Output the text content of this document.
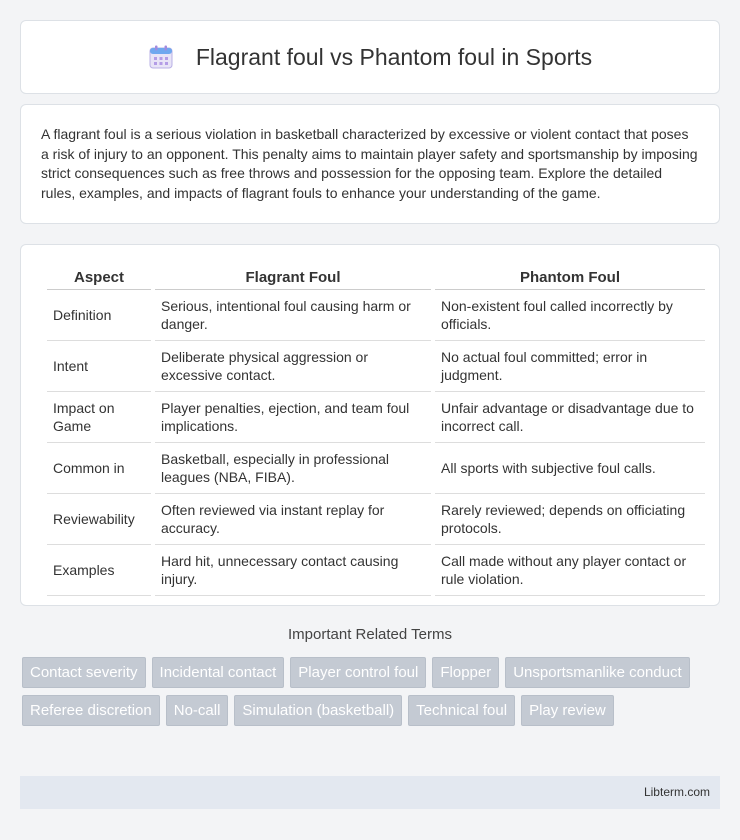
Flagrant foul vs Phantom foul in Sports

A flagrant foul is a serious violation in basketball characterized by excessive or violent contact that poses a risk of injury to an opponent. This penalty aims to maintain player safety and sportsmanship by imposing strict consequences such as free throws and possession for the opposing team. Explore the detailed rules, examples, and impacts of flagrant fouls to enhance your understanding of the game.

Aspect	Flagrant Foul	Phantom Foul
Definition	Serious, intentional foul causing harm or danger.	Non-existent foul called incorrectly by officials.
Intent	Deliberate physical aggression or excessive contact.	No actual foul committed; error in judgment.
Impact on Game	Player penalties, ejection, and team foul implications.	Unfair advantage or disadvantage due to incorrect call.
Common in	Basketball, especially in professional leagues (NBA, FIBA).	All sports with subjective foul calls.
Reviewability	Often reviewed via instant replay for accuracy.	Rarely reviewed; depends on officiating protocols.
Examples	Hard hit, unnecessary contact causing injury.	Call made without any player contact or rule violation.
Important Related Terms
Contact severity	Incidental contact	Player control foul	Flopper	Unsportsmanlike conduct
Referee discretion	No-call	Simulation (basketball)	Technical foul	Play review
Libterm.com
